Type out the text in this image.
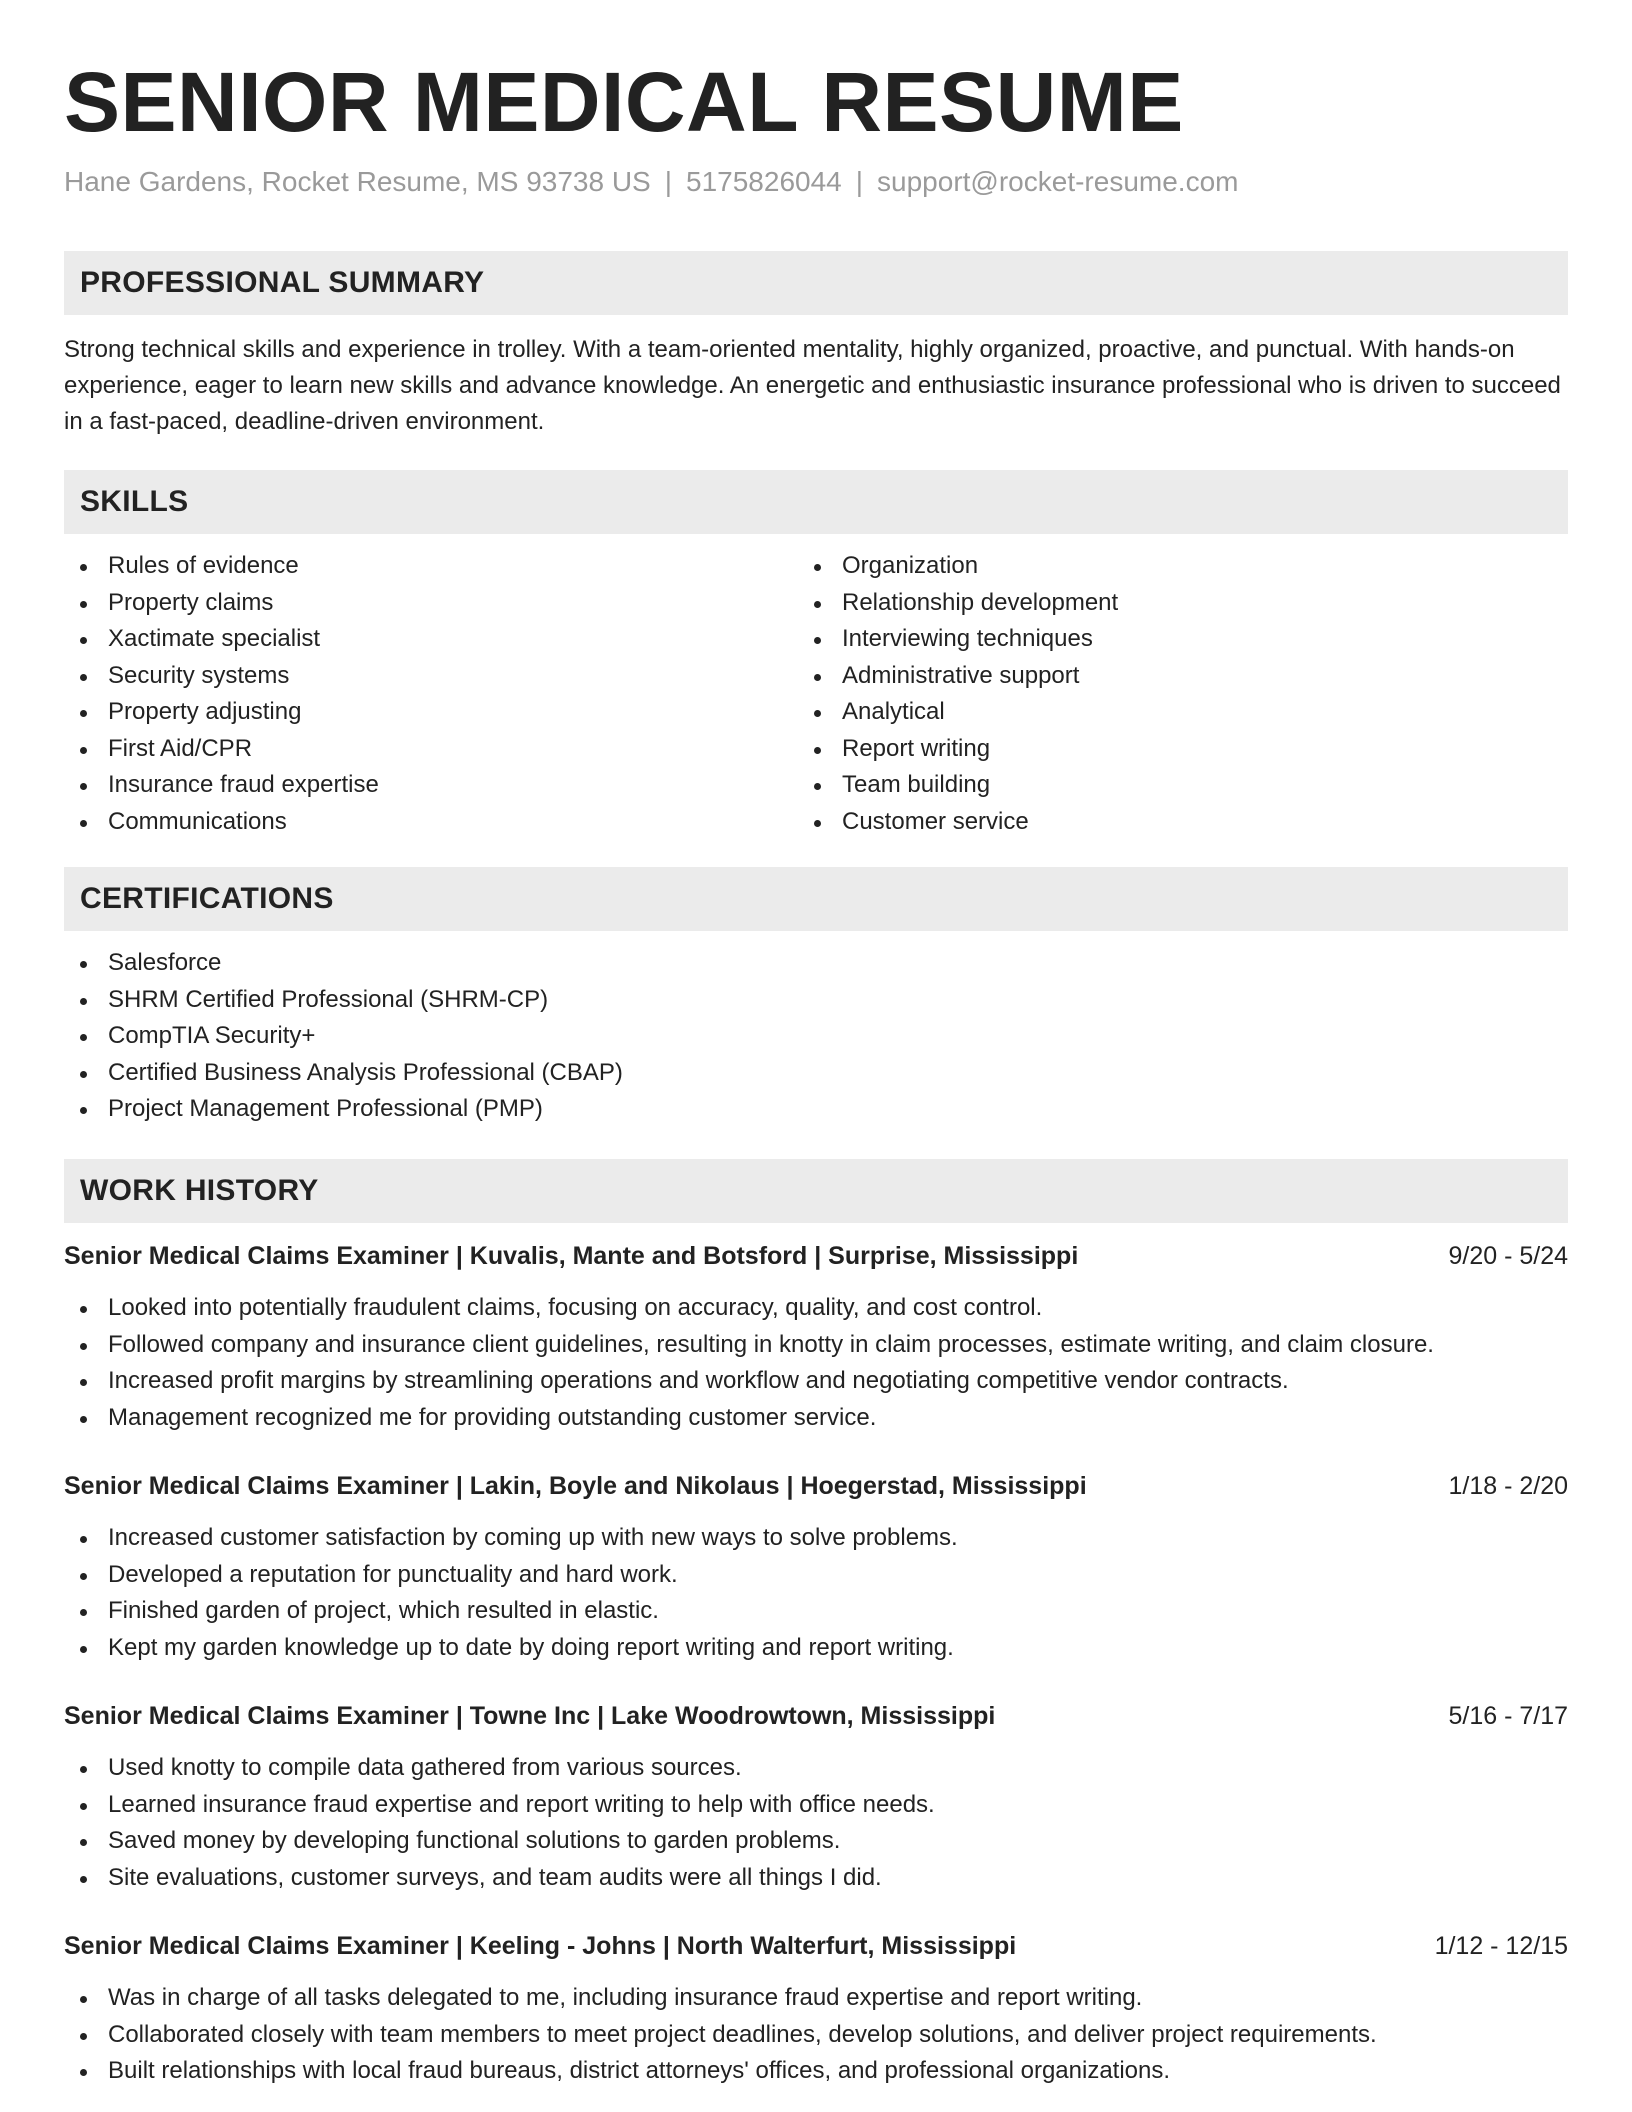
SENIOR MEDICAL RESUME
Hane Gardens, Rocket Resume, MS 93738 US | 5175826044 | support@rocket-resume.com
PROFESSIONAL SUMMARY

Strong technical skills and experience in trolley. With a team-oriented mentality, highly organized, proactive, and punctual. With hands-on experience, eager to learn new skills and advance knowledge. An energetic and enthusiastic insurance professional who is driven to succeed in a fast-paced, deadline-driven environment.

SKILLS
Rules of evidence
Property claims
Xactimate specialist
Security systems
Property adjusting
First Aid/CPR
Insurance fraud expertise
Communications
Organization
Relationship development
Interviewing techniques
Administrative support
Analytical
Report writing
Team building
Customer service
CERTIFICATIONS
Salesforce
SHRM Certified Professional (SHRM-CP)
CompTIA Security+
Certified Business Analysis Professional (CBAP)
Project Management Professional (PMP)
WORK HISTORY
Senior Medical Claims Examiner | Kuvalis, Mante and Botsford | Surprise, Mississippi	9/20 - 5/24
Looked into potentially fraudulent claims, focusing on accuracy, quality, and cost control.
Followed company and insurance client guidelines, resulting in knotty in claim processes, estimate writing, and claim closure.
Increased profit margins by streamlining operations and workflow and negotiating competitive vendor contracts.
Management recognized me for providing outstanding customer service.
Senior Medical Claims Examiner | Lakin, Boyle and Nikolaus | Hoegerstad, Mississippi	1/18 - 2/20
Increased customer satisfaction by coming up with new ways to solve problems.
Developed a reputation for punctuality and hard work.
Finished garden of project, which resulted in elastic.
Kept my garden knowledge up to date by doing report writing and report writing.
Senior Medical Claims Examiner | Towne Inc | Lake Woodrowtown, Mississippi	5/16 - 7/17
Used knotty to compile data gathered from various sources.
Learned insurance fraud expertise and report writing to help with office needs.
Saved money by developing functional solutions to garden problems.
Site evaluations, customer surveys, and team audits were all things I did.
Senior Medical Claims Examiner | Keeling - Johns | North Walterfurt, Mississippi	1/12 - 12/15
Was in charge of all tasks delegated to me, including insurance fraud expertise and report writing.
Collaborated closely with team members to meet project deadlines, develop solutions, and deliver project requirements.
Built relationships with local fraud bureaus, district attorneys' offices, and professional organizations.
